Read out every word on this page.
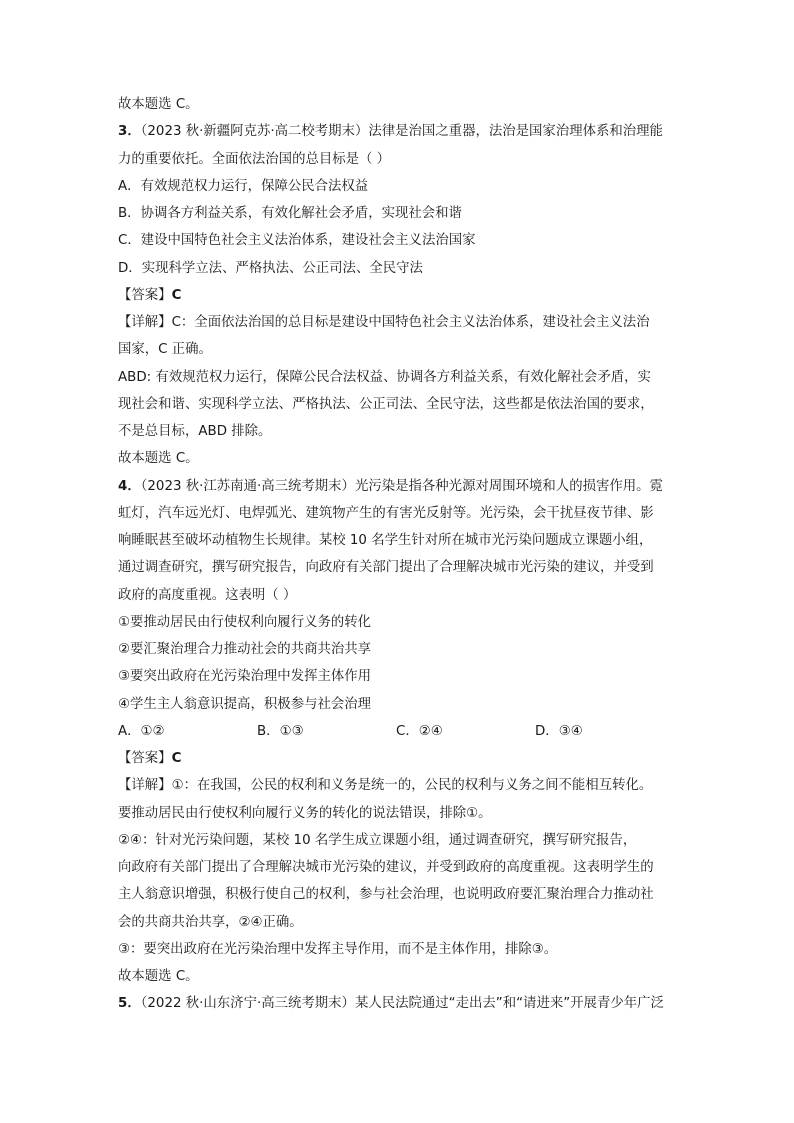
故本题选 C。
3．（2023 秋·新疆阿克苏·高二校考期末）法律是治国之重器，法治是国家治理体系和治理能
力的重要依托。全面依法治国的总目标是（ ）
A．有效规范权力运行，保障公民合法权益
B．协调各方利益关系，有效化解社会矛盾，实现社会和谐
C．建设中国特色社会主义法治体系，建设社会主义法治国家
D．实现科学立法、严格执法、公正司法、全民守法
【答案】C
【详解】C：全面依法治国的总目标是建设中国特色社会主义法治体系，建设社会主义法治
国家，C 正确。
ABD: 有效规范权力运行，保障公民合法权益、协调各方利益关系，有效化解社会矛盾，实
现社会和谐、实现科学立法、严格执法、公正司法、全民守法，这些都是依法治国的要求，
不是总目标，ABD 排除。
故本题选 C。
4．（2023 秋·江苏南通·高三统考期末）光污染是指各种光源对周围环境和人的损害作用。霓
虹灯，汽车远光灯、电焊弧光、建筑物产生的有害光反射等。光污染，会干扰昼夜节律、影
响睡眠甚至破坏动植物生长规律。某校 10 名学生针对所在城市光污染问题成立课题小组，
通过调查研究，撰写研究报告，向政府有关部门提出了合理解决城市光污染的建议，并受到
政府的高度重视。这表明（ ）
①要推动居民由行使权利向履行义务的转化
②要汇聚治理合力推动社会的共商共治共享
③要突出政府在光污染治理中发挥主体作用
④学生主人翁意识提高，积极参与社会治理
A．①②	B．①③	C．②④	D．③④
【答案】C
【详解】①：在我国，公民的权利和义务是统一的，公民的权利与义务之间不能相互转化。
要推动居民由行使权利向履行义务的转化的说法错误，排除①。
②④：针对光污染问题，某校 10 名学生成立课题小组，通过调查研究，撰写研究报告，
向政府有关部门提出了合理解决城市光污染的建议，并受到政府的高度重视。这表明学生的
主人翁意识增强，积极行使自己的权利，参与社会治理，也说明政府要汇聚治理合力推动社
会的共商共治共享，②④正确。
③：要突出政府在光污染治理中发挥主导作用，而不是主体作用，排除③。
故本题选 C。
5．（2022 秋·山东济宁·高三统考期末）某人民法院通过“走出去”和“请进来”开展青少年广泛
